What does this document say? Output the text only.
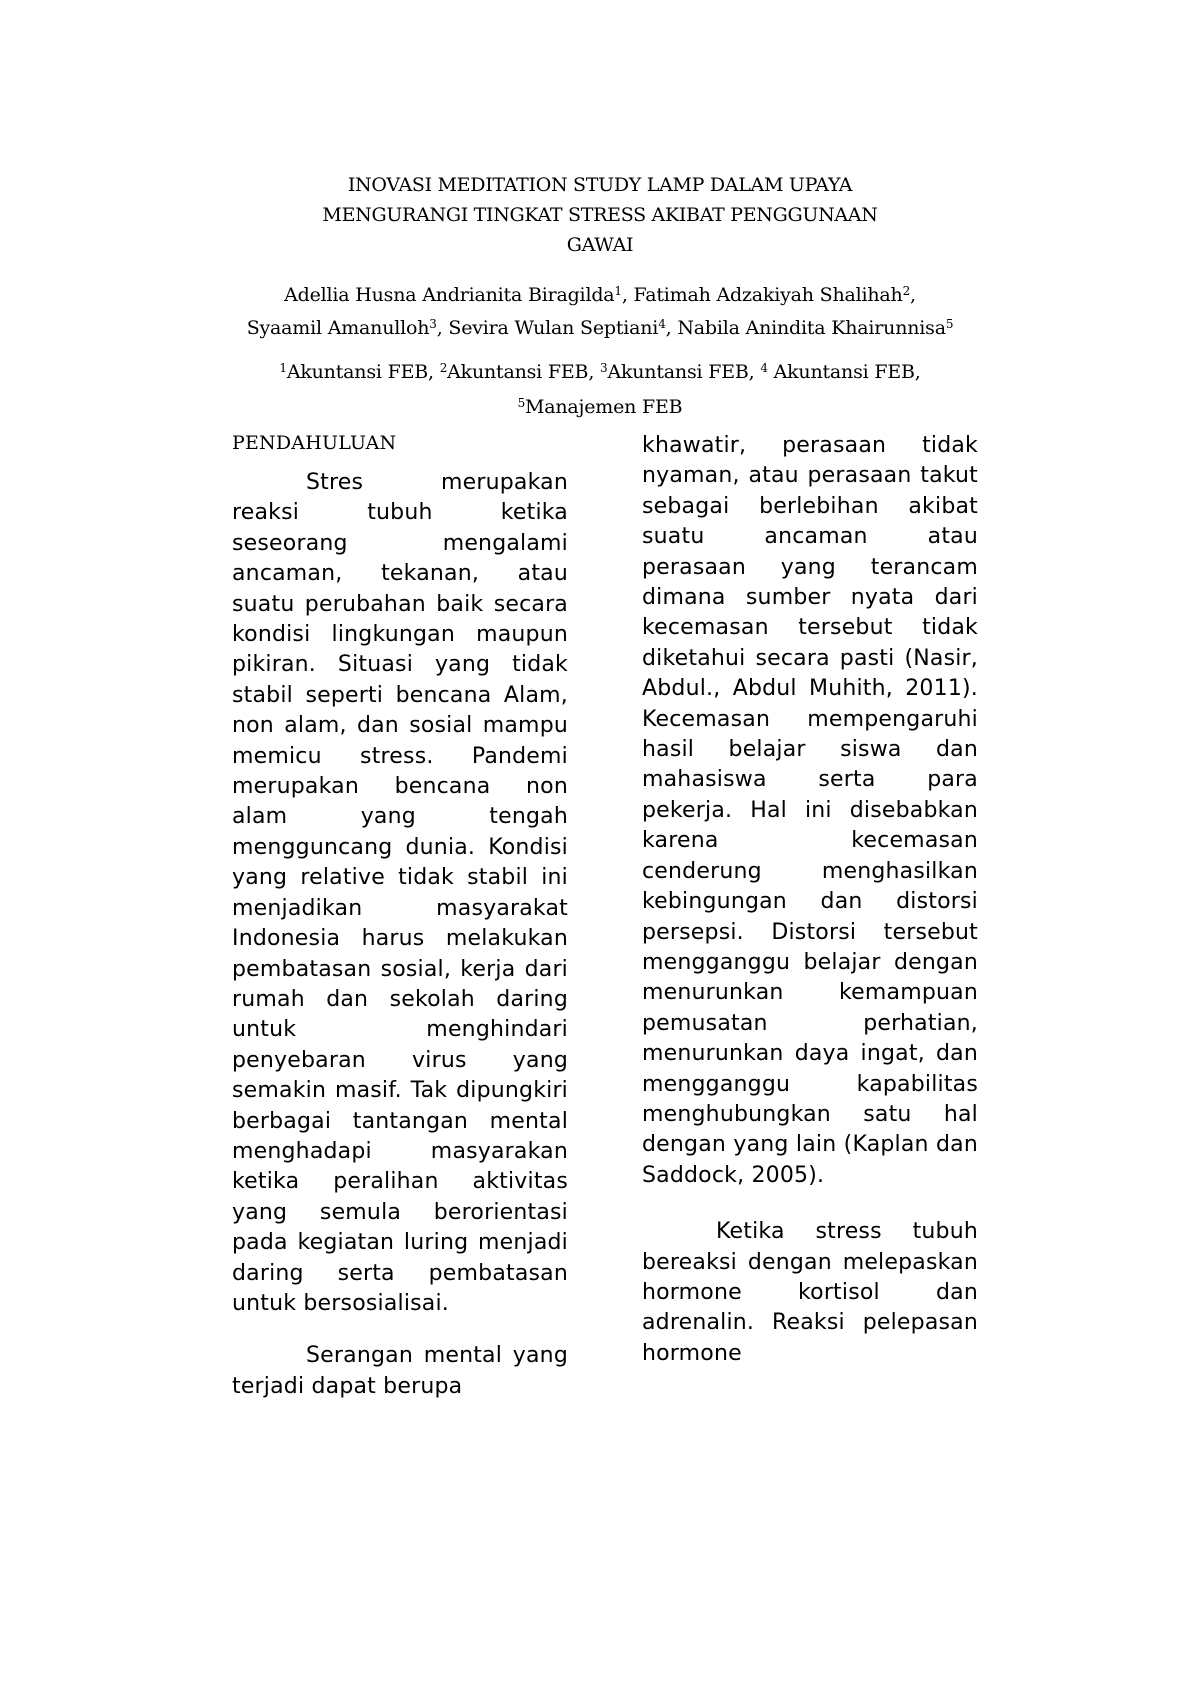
INOVASI MEDITATION STUDY LAMP DALAM UPAYA
MENGURANGI TINGKAT STRESS AKIBAT PENGGUNAAN
GAWAI
Adellia Husna Andrianita Biragilda$^1$, Fatimah Adzakiyah Shalihah$^2$,
Syaamil Amanulloh$^3$, Sevira Wulan Septiani$^4$, Nabila Anindita Khairunnisa$^5$
$^1$Akuntansi FEB, $^2$Akuntansi FEB, $^3$Akuntansi FEB, $^4$ Akuntansi FEB,
$^5$Manajemen FEB
PENDAHULUAN

Stres merupakan reaksi tubuh ketika seseorang mengalami ancaman, tekanan, atau suatu perubahan baik secara kondisi lingkungan maupun pikiran. Situasi yang tidak stabil seperti bencana Alam, non alam, dan sosial mampu memicu stress. Pandemi merupakan bencana non alam yang tengah mengguncang dunia. Kondisi yang relative tidak stabil ini menjadikan masyarakat Indonesia harus melakukan pembatasan sosial, kerja dari rumah dan sekolah daring untuk menghindari penyebaran virus yang semakin masif. Tak dipungkiri berbagai tantangan mental menghadapi masyarakan ketika peralihan aktivitas yang semula berorientasi pada kegiatan luring menjadi daring serta pembatasan untuk bersosialisai.

Serangan mental yang terjadi dapat berupa

khawatir, perasaan tidak nyaman, atau perasaan takut sebagai berlebihan akibat suatu ancaman atau perasaan yang terancam dimana sumber nyata dari kecemasan tersebut tidak diketahui secara pasti (Nasir, Abdul., Abdul Muhith, 2011). Kecemasan mempengaruhi hasil belajar siswa dan mahasiswa serta para pekerja. Hal ini disebabkan karena kecemasan cenderung menghasilkan kebingungan dan distorsi persepsi. Distorsi tersebut mengganggu belajar dengan menurunkan kemampuan pemusatan perhatian, menurunkan daya ingat, dan mengganggu kapabilitas menghubungkan satu hal dengan yang lain (Kaplan dan Saddock, 2005).

Ketika stress tubuh bereaksi dengan melepaskan hormone kortisol dan adrenalin. Reaksi pelepasan hormone
